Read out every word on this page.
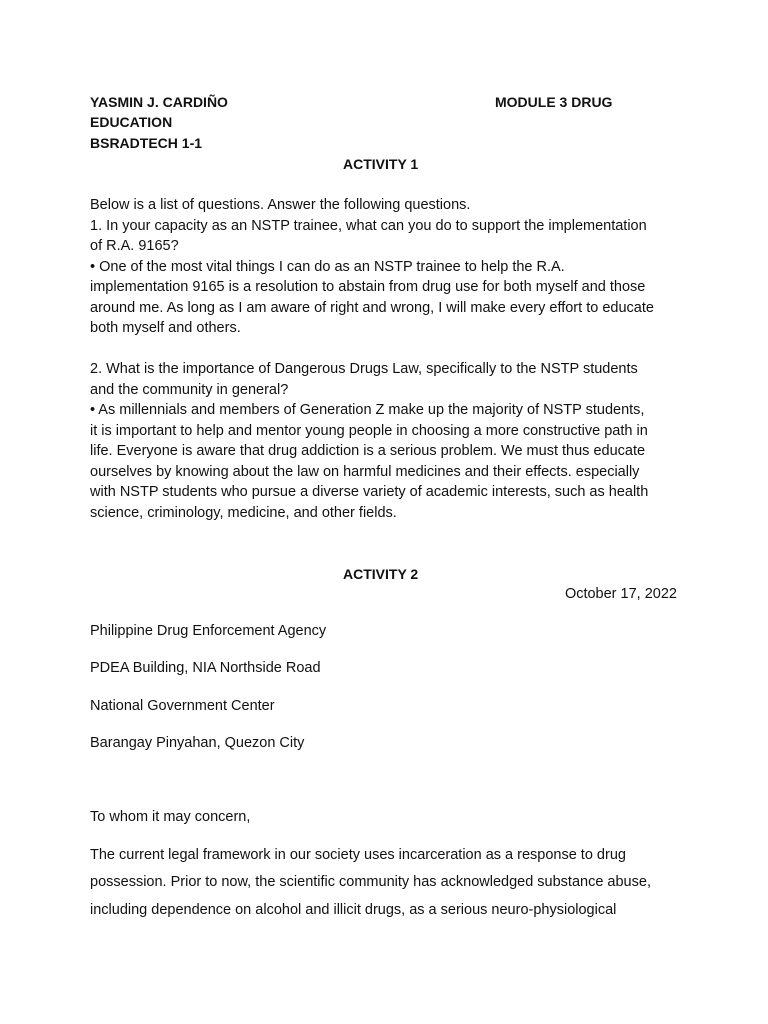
YASMIN J. CARDIÑO	MODULE 3 DRUG
EDUCATION
BSRADTECH 1-1
ACTIVITY 1
Below is a list of questions. Answer the following questions.
1. In your capacity as an NSTP trainee, what can you do to support the implementation
of R.A. 9165?
• One of the most vital things I can do as an NSTP trainee to help the R.A.
implementation 9165 is a resolution to abstain from drug use for both myself and those
around me. As long as I am aware of right and wrong, I will make every effort to educate
both myself and others.
2. What is the importance of Dangerous Drugs Law, specifically to the NSTP students
and the community in general?
• As millennials and members of Generation Z make up the majority of NSTP students,
it is important to help and mentor young people in choosing a more constructive path in
life. Everyone is aware that drug addiction is a serious problem. We must thus educate
ourselves by knowing about the law on harmful medicines and their effects. especially
with NSTP students who pursue a diverse variety of academic interests, such as health
science, criminology, medicine, and other fields.
ACTIVITY 2
October 17, 2022
Philippine Drug Enforcement Agency
PDEA Building, NIA Northside Road
National Government Center
Barangay Pinyahan, Quezon City
To whom it may concern,
The current legal framework in our society uses incarceration as a response to drug
possession. Prior to now, the scientific community has acknowledged substance abuse,
including dependence on alcohol and illicit drugs, as a serious neuro-physiological
